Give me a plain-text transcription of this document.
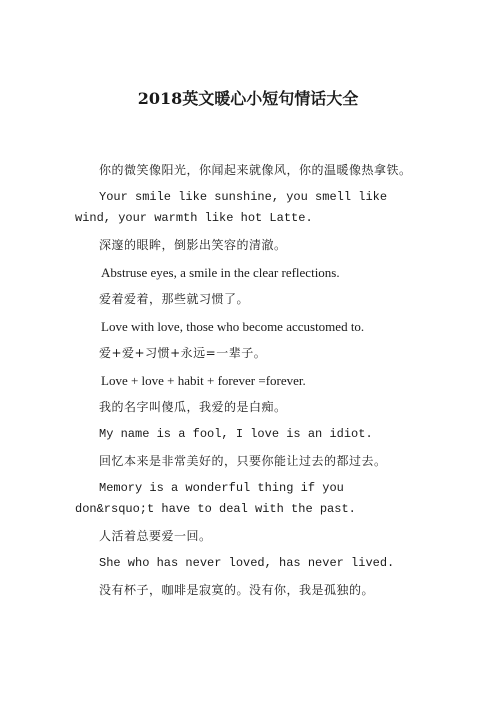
2018英文暖心小短句情话大全

你的微笑像阳光，你闻起来就像风，你的温暖像热拿铁。

Your smile like sunshine, you smell like wind, your warmth like hot Latte.

深邃的眼眸，倒影出笑容的清澈。

Abstruse eyes, a smile in the clear reflections.

爱着爱着，那些就习惯了。

Love with love, those who become accustomed to.

爱+爱+习惯+永远=一辈子。

Love + love + habit + forever =forever.

我的名字叫傻瓜，我爱的是白痴。

My name is a fool, I love is an idiot.

回忆本来是非常美好的，只要你能让过去的都过去。

Memory is a wonderful thing if you don&rsquo;t have to deal with the past.

人活着总要爱一回。

She who has never loved, has never lived.

没有杯子，咖啡是寂寞的。没有你，我是孤独的。
